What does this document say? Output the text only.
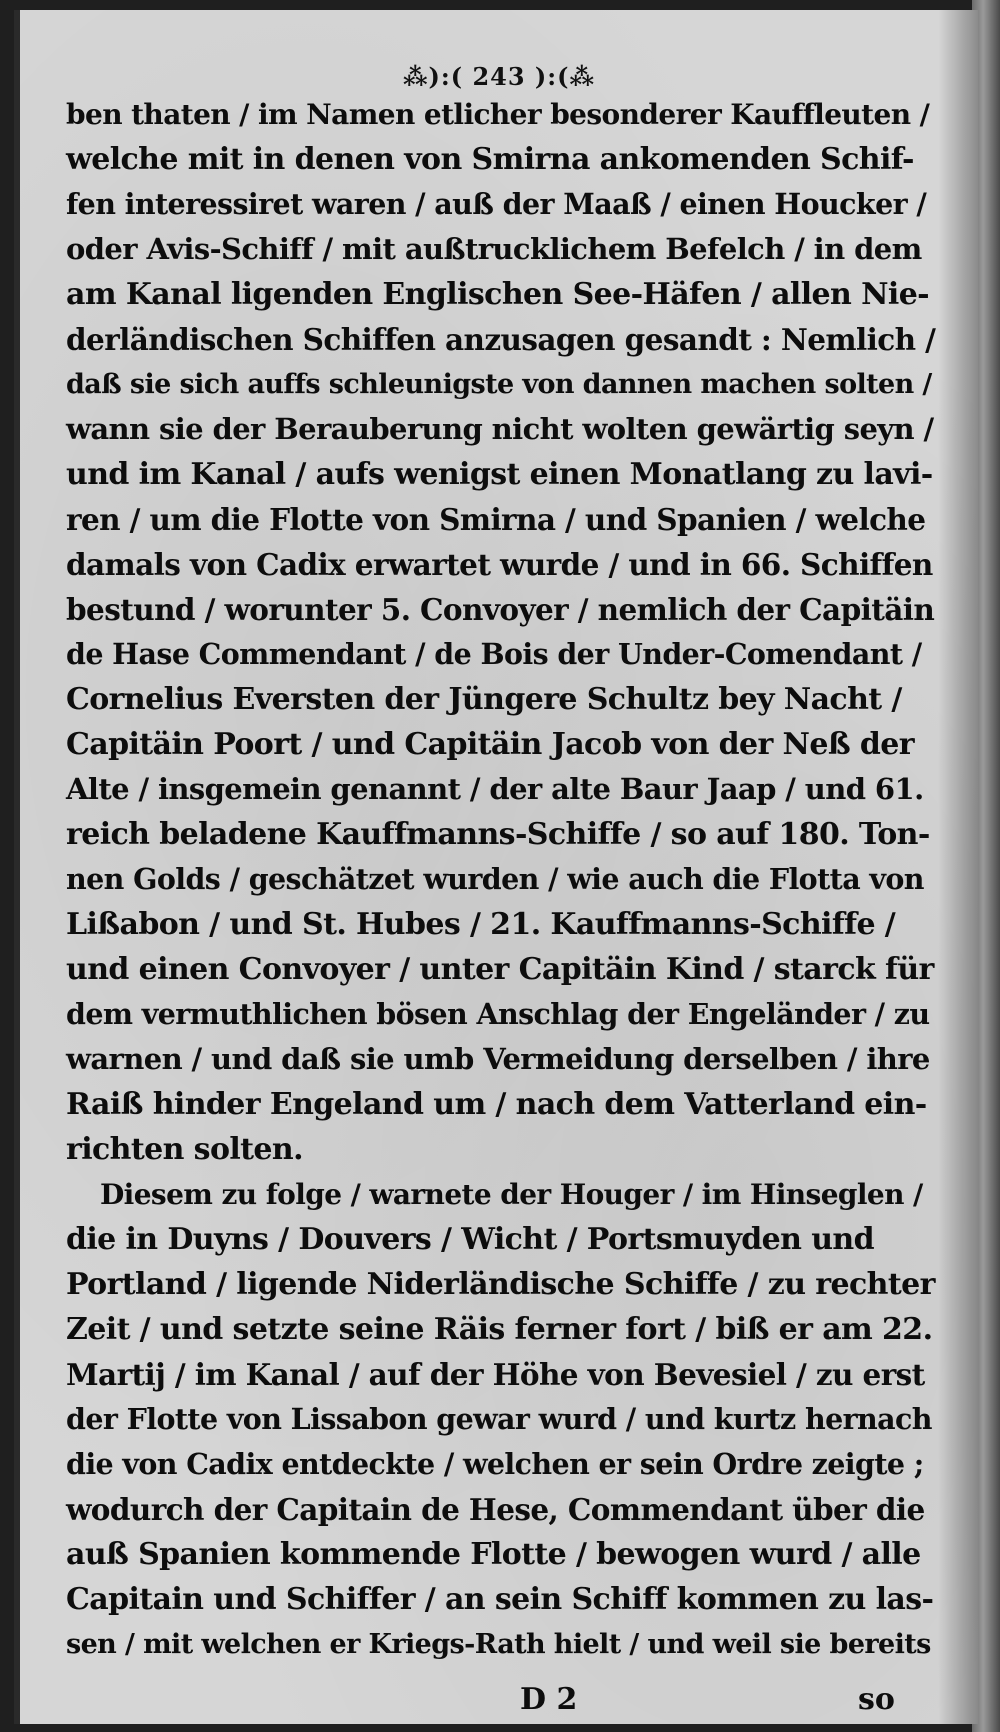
⁂):( 243 ):(⁂
ben thaten / im Namen etlicher besonderer Kauffleuten /
welche mit in denen von Smirna ankomenden Schif-
fen interessiret waren / auß der Maaß / einen Houcker /
oder Avis-Schiff / mit außtrucklichem Befelch / in dem
am Kanal ligenden Englischen See-Häfen / allen Nie-
derländischen Schiffen anzusagen gesandt : Nemlich /
daß sie sich auffs schleunigste von dannen machen solten /
wann sie der Berauberung nicht wolten gewärtig seyn /
und im Kanal / aufs wenigst einen Monatlang zu lavi-
ren / um die Flotte von Smirna / und Spanien / welche
damals von Cadix erwartet wurde / und in 66. Schiffen
bestund / worunter 5. Convoyer / nemlich der Capitäin
de Hase Commendant / de Bois der Under-Comendant /
Cornelius Eversten der Jüngere Schultz bey Nacht /
Capitäin Poort / und Capitäin Jacob von der Neß der
Alte / insgemein genannt / der alte Baur Jaap / und 61.
reich beladene Kauffmanns-Schiffe / so auf 180. Ton-
nen Golds / geschätzet wurden / wie auch die Flotta von
Lißabon / und St. Hubes / 21. Kauffmanns-Schiffe /
und einen Convoyer / unter Capitäin Kind / starck für
dem vermuthlichen bösen Anschlag der Engeländer / zu
warnen / und daß sie umb Vermeidung derselben / ihre
Raiß hinder Engeland um / nach dem Vatterland ein-
richten solten.
Diesem zu folge / warnete der Houger / im Hinseglen /
die in Duyns / Douvers / Wicht / Portsmuyden und
Portland / ligende Niderländische Schiffe / zu rechter
Zeit / und setzte seine Räis ferner fort / biß er am 22.
Martij / im Kanal / auf der Höhe von Bevesiel / zu erst
der Flotte von Lissabon gewar wurd / und kurtz hernach
die von Cadix entdeckte / welchen er sein Ordre zeigte ;
wodurch der Capitain de Hese, Commendant über die
auß Spanien kommende Flotte / bewogen wurd / alle
Capitain und Schiffer / an sein Schiff kommen zu las-
sen / mit welchen er Kriegs-Rath hielt / und weil sie bereits
D 2	so
